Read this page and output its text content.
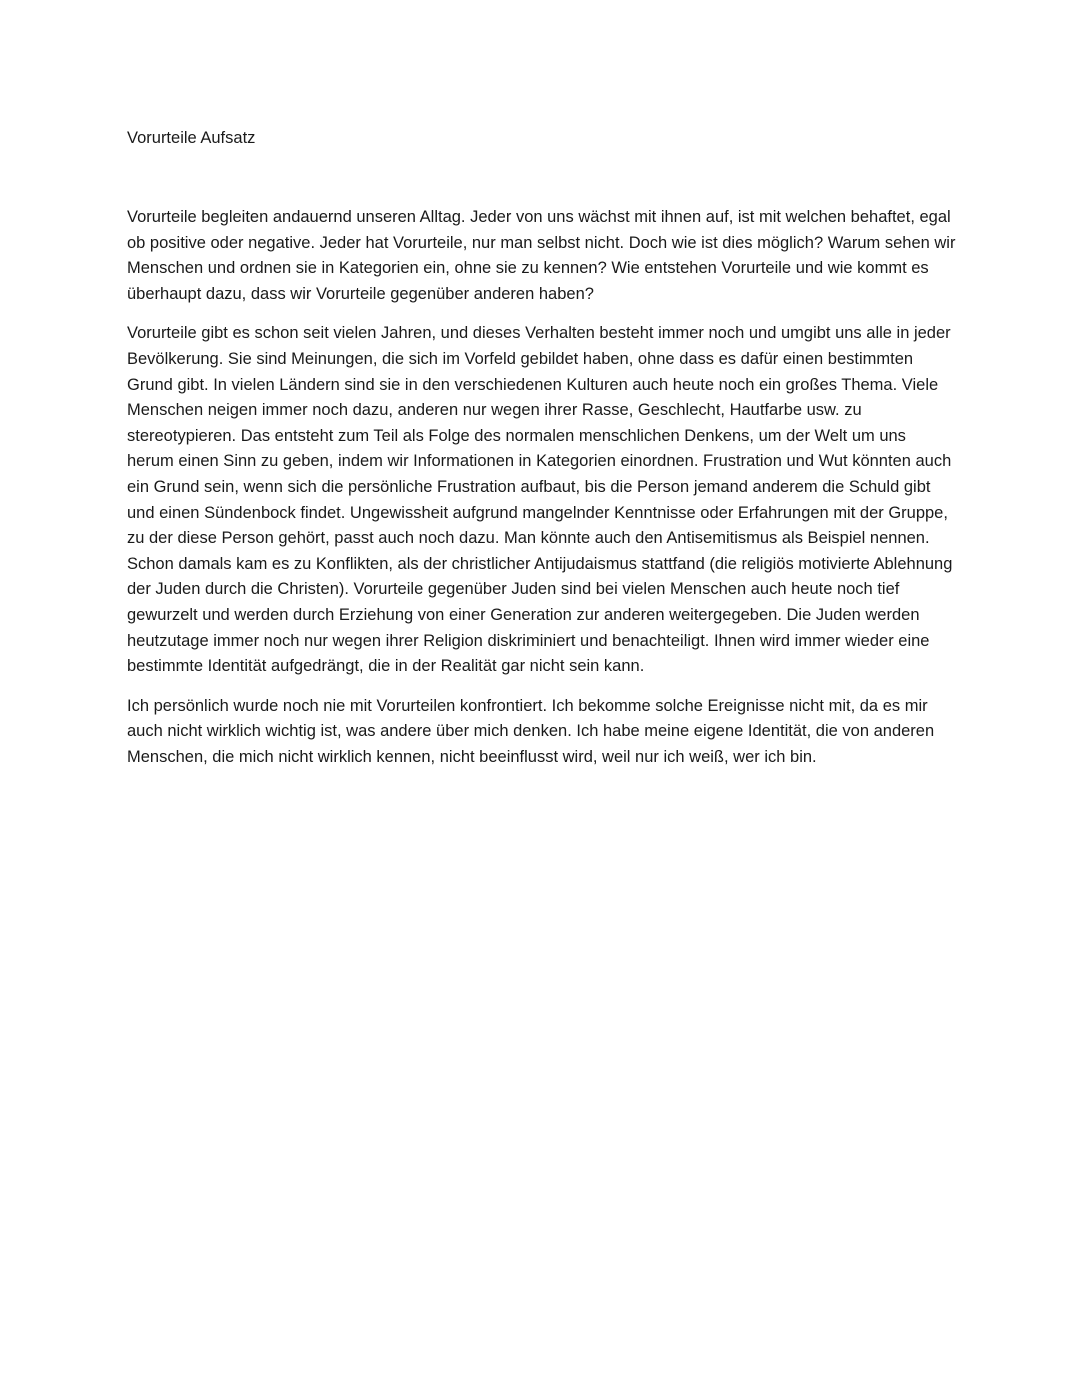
Vorurteile Aufsatz

Vorurteile begleiten andauernd unseren Alltag. Jeder von uns wächst mit ihnen auf, ist mit welchen behaftet, egal ob positive oder negative. Jeder hat Vorurteile, nur man selbst nicht. Doch wie ist dies möglich? Warum sehen wir Menschen und ordnen sie in Kategorien ein, ohne sie zu kennen? Wie entstehen Vorurteile und wie kommt es überhaupt dazu, dass wir Vorurteile gegenüber anderen haben?

Vorurteile gibt es schon seit vielen Jahren, und dieses Verhalten besteht immer noch und umgibt uns alle in jeder Bevölkerung. Sie sind Meinungen, die sich im Vorfeld gebildet haben, ohne dass es dafür einen bestimmten Grund gibt. In vielen Ländern sind sie in den verschiedenen Kulturen auch heute noch ein großes Thema. Viele Menschen neigen immer noch dazu, anderen nur wegen ihrer Rasse, Geschlecht, Hautfarbe usw. zu stereotypieren. Das entsteht zum Teil als Folge des normalen menschlichen Denkens, um der Welt um uns herum einen Sinn zu geben, indem wir Informationen in Kategorien einordnen. Frustration und Wut könnten auch ein Grund sein, wenn sich die persönliche Frustration aufbaut, bis die Person jemand anderem die Schuld gibt und einen Sündenbock findet. Ungewissheit aufgrund mangelnder Kenntnisse oder Erfahrungen mit der Gruppe, zu der diese Person gehört, passt auch noch dazu. Man könnte auch den Antisemitismus als Beispiel nennen. Schon damals kam es zu Konflikten, als der christlicher Antijudaismus stattfand (die religiös motivierte Ablehnung der Juden durch die Christen). Vorurteile gegenüber Juden sind bei vielen Menschen auch heute noch tief gewurzelt und werden durch Erziehung von einer Generation zur anderen weitergegeben. Die Juden werden heutzutage immer noch nur wegen ihrer Religion diskriminiert und benachteiligt. Ihnen wird immer wieder eine bestimmte Identität aufgedrängt, die in der Realität gar nicht sein kann.

Ich persönlich wurde noch nie mit Vorurteilen konfrontiert. Ich bekomme solche Ereignisse nicht mit, da es mir auch nicht wirklich wichtig ist, was andere über mich denken. Ich habe meine eigene Identität, die von anderen Menschen, die mich nicht wirklich kennen, nicht beeinflusst wird, weil nur ich weiß, wer ich bin.
